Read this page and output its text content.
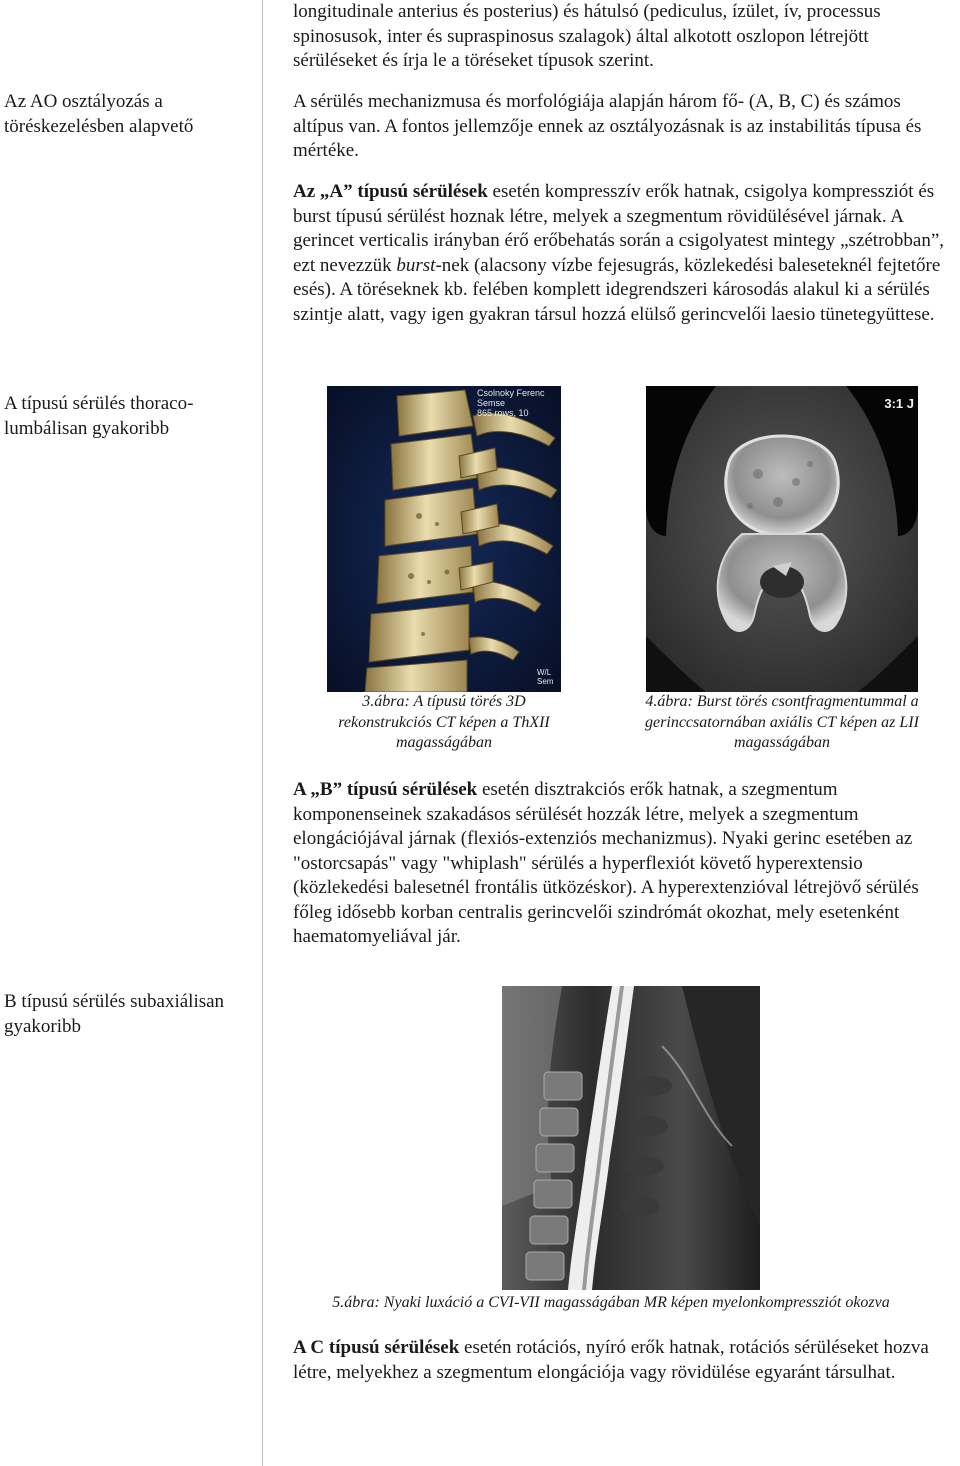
Az AO osztályozás a töréskezelésben alapvető
A típusú sérülés thoraco-lumbálisan gyakoribb
B típusú sérülés subaxiálisan gyakoribb
longitudinale anterius és posterius) és hátulsó (pediculus, ízület, ív, processus spinosusok, inter és supraspinosus szalagok) által alkotott oszlopon létrejött sérüléseket és írja le a töréseket típusok szerint.
A sérülés mechanizmusa és morfológiája alapján három fő- (A, B, C) és számos altípus van. A fontos jellemzője ennek az osztályozásnak is az instabilitás típusa és mértéke.
Az „A” típusú sérülések esetén kompresszív erők hatnak, csigolya kompressziót és burst típusú sérülést hoznak létre, melyek a szegmentum rövidülésével járnak. A gerincet verticalis irányban érő erőbehatás során a csigolyatest mintegy „szétrobban”, ezt nevezzük burst-nek (alacsony vízbe fejesugrás, közlekedési baleseteknél fejtetőre esés). A töréseknek kb. felében komplett idegrendszeri károsodás alakul ki a sérülés szintje alatt, vagy igen gyakran társul hozzá elülső gerincvelői laesio tünetegyüttese.
Csolnoky Ferenc
Semse
865 rows, 10
W/L
Sem
3.ábra: A típusú törés 3D rekonstrukciós CT képen a ThXII magasságában
3:1 J
4.ábra: Burst törés csontfragmentummal a gerinccsatornában axiális CT képen az LII magasságában
A „B” típusú sérülések esetén disztrakciós erők hatnak, a szegmentum komponenseinek szakadásos sérülését hozzák létre, melyek a szegmentum elongációjával járnak (flexiós-extenziós mechanizmus). Nyaki gerinc esetében az "ostorcsapás" vagy "whiplash" sérülés a hyperflexiót követő hyperextensio (közlekedési balesetnél frontális ütközéskor). A hyperextenzióval létrejövő sérülés főleg idősebb korban centralis gerincvelői szindrómát okozhat, mely esetenként haematomyeliával jár.
5.ábra: Nyaki luxáció a CVI-VII magasságában MR képen myelonkompressziót okozva
A C típusú sérülések esetén rotációs, nyíró erők hatnak, rotációs sérüléseket hozva létre, melyekhez a szegmentum elongációja vagy rövidülése egyaránt társulhat.
